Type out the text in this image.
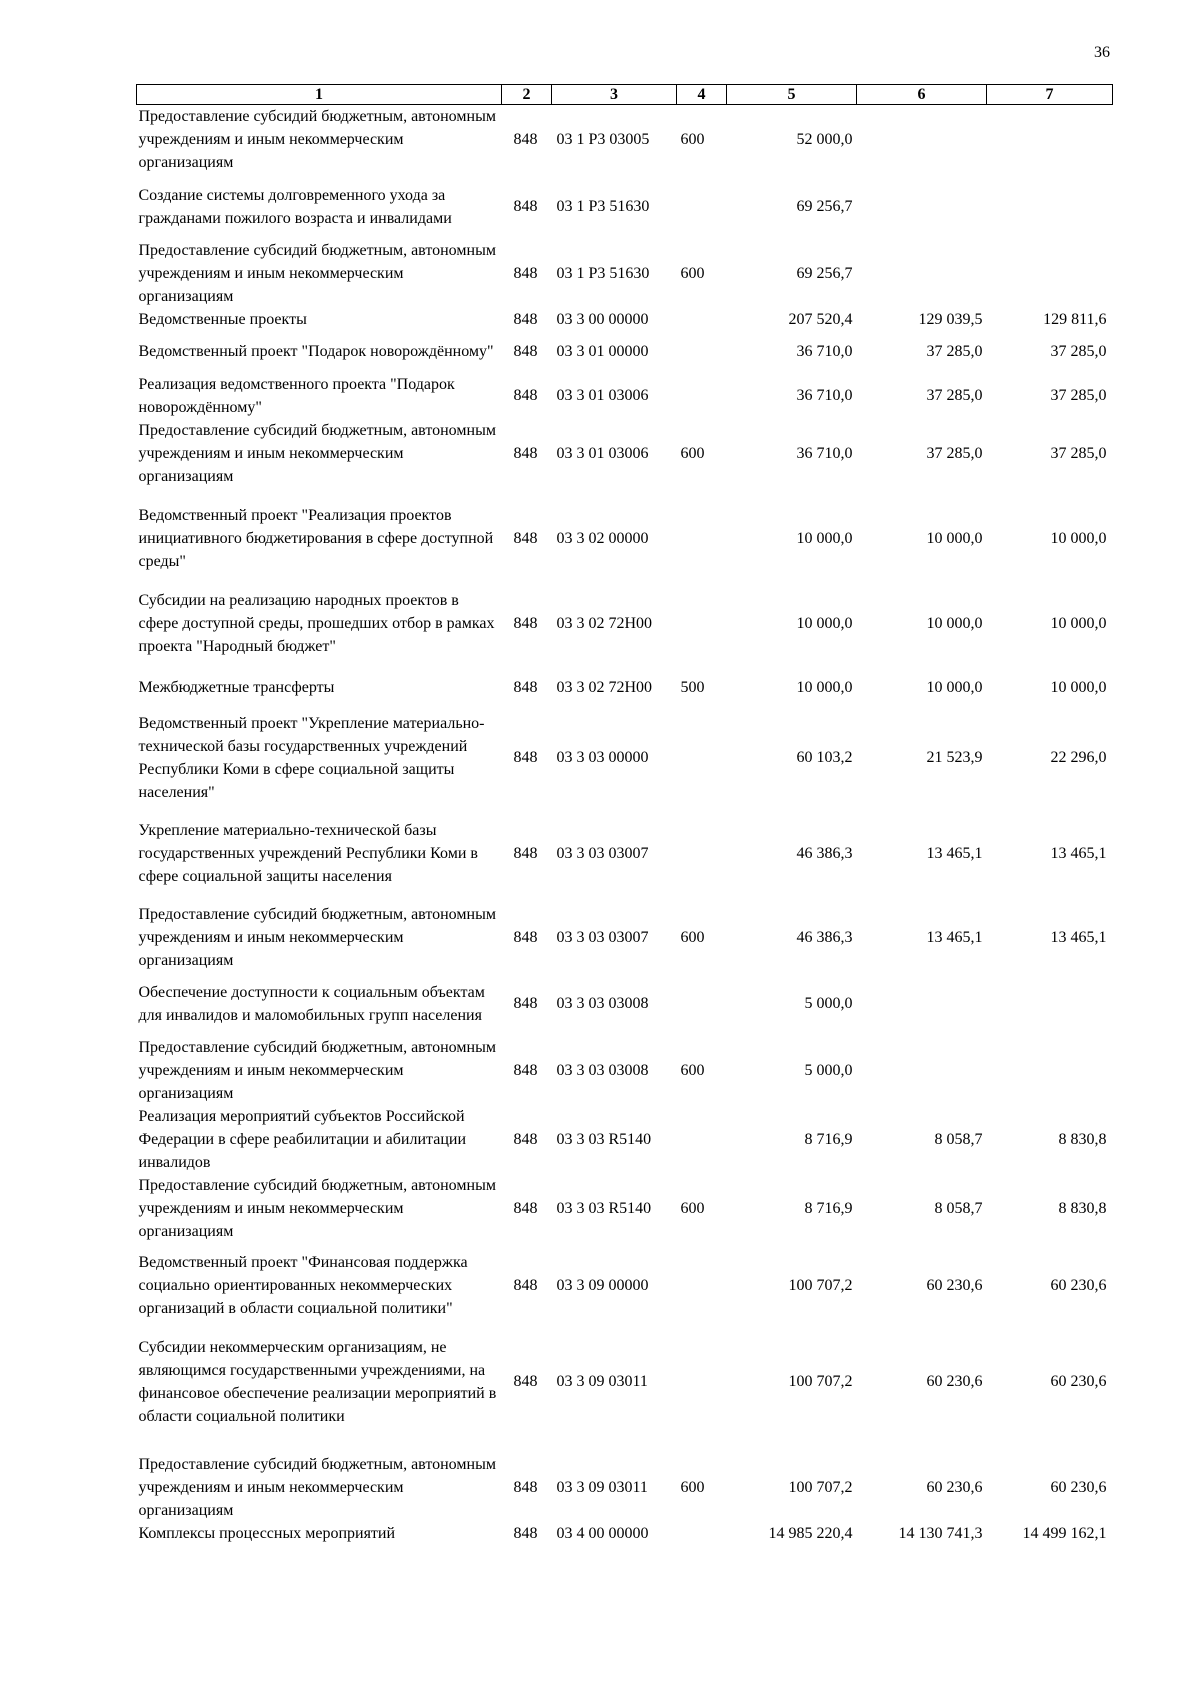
36
1	2	3	4	5	6	7
Предоставление субсидий бюджетным, автономным учреждениям и иным некоммерческим организациям	848	03 1 P3 03005	600	52 000,0		
Создание системы долговременного ухода за гражданами пожилого возраста и инвалидами	848	03 1 P3 51630		69 256,7		
Предоставление субсидий бюджетным, автономным учреждениям и иным некоммерческим организациям	848	03 1 P3 51630	600	69 256,7		
Ведомственные проекты	848	03 3 00 00000		207 520,4	129 039,5	129 811,6
Ведомственный проект "Подарок новорождённому"	848	03 3 01 00000		36 710,0	37 285,0	37 285,0
Реализация ведомственного проекта "Подарок новорождённому"	848	03 3 01 03006		36 710,0	37 285,0	37 285,0
Предоставление субсидий бюджетным, автономным учреждениям и иным некоммерческим организациям	848	03 3 01 03006	600	36 710,0	37 285,0	37 285,0
Ведомственный проект "Реализация проектов инициативного бюджетирования в сфере доступной среды"	848	03 3 02 00000		10 000,0	10 000,0	10 000,0
Субсидии на реализацию народных проектов в сфере доступной среды, прошедших отбор в рамках проекта "Народный бюджет"	848	03 3 02 72H00		10 000,0	10 000,0	10 000,0
Межбюджетные трансферты	848	03 3 02 72H00	500	10 000,0	10 000,0	10 000,0
Ведомственный проект "Укрепление материально-технической базы государственных учреждений Республики Коми в сфере социальной защиты населения"	848	03 3 03 00000		60 103,2	21 523,9	22 296,0
Укрепление материально-технической базы государственных учреждений Республики Коми в сфере социальной защиты населения	848	03 3 03 03007		46 386,3	13 465,1	13 465,1
Предоставление субсидий бюджетным, автономным учреждениям и иным некоммерческим организациям	848	03 3 03 03007	600	46 386,3	13 465,1	13 465,1
Обеспечение доступности к социальным объектам для инвалидов и маломобильных групп населения	848	03 3 03 03008		5 000,0		
Предоставление субсидий бюджетным, автономным учреждениям и иным некоммерческим организациям	848	03 3 03 03008	600	5 000,0		
Реализация мероприятий субъектов Российской Федерации в сфере реабилитации и абилитации инвалидов	848	03 3 03 R5140		8 716,9	8 058,7	8 830,8
Предоставление субсидий бюджетным, автономным учреждениям и иным некоммерческим организациям	848	03 3 03 R5140	600	8 716,9	8 058,7	8 830,8
Ведомственный проект "Финансовая поддержка социально ориентированных некоммерческих организаций в области социальной политики"	848	03 3 09 00000		100 707,2	60 230,6	60 230,6
Субсидии некоммерческим организациям, не являющимся государственными учреждениями, на финансовое обеспечение реализации мероприятий в области социальной политики	848	03 3 09 03011		100 707,2	60 230,6	60 230,6
Предоставление субсидий бюджетным, автономным учреждениям и иным некоммерческим организациям	848	03 3 09 03011	600	100 707,2	60 230,6	60 230,6
Комплексы процессных мероприятий	848	03 4 00 00000		14 985 220,4	14 130 741,3	14 499 162,1
